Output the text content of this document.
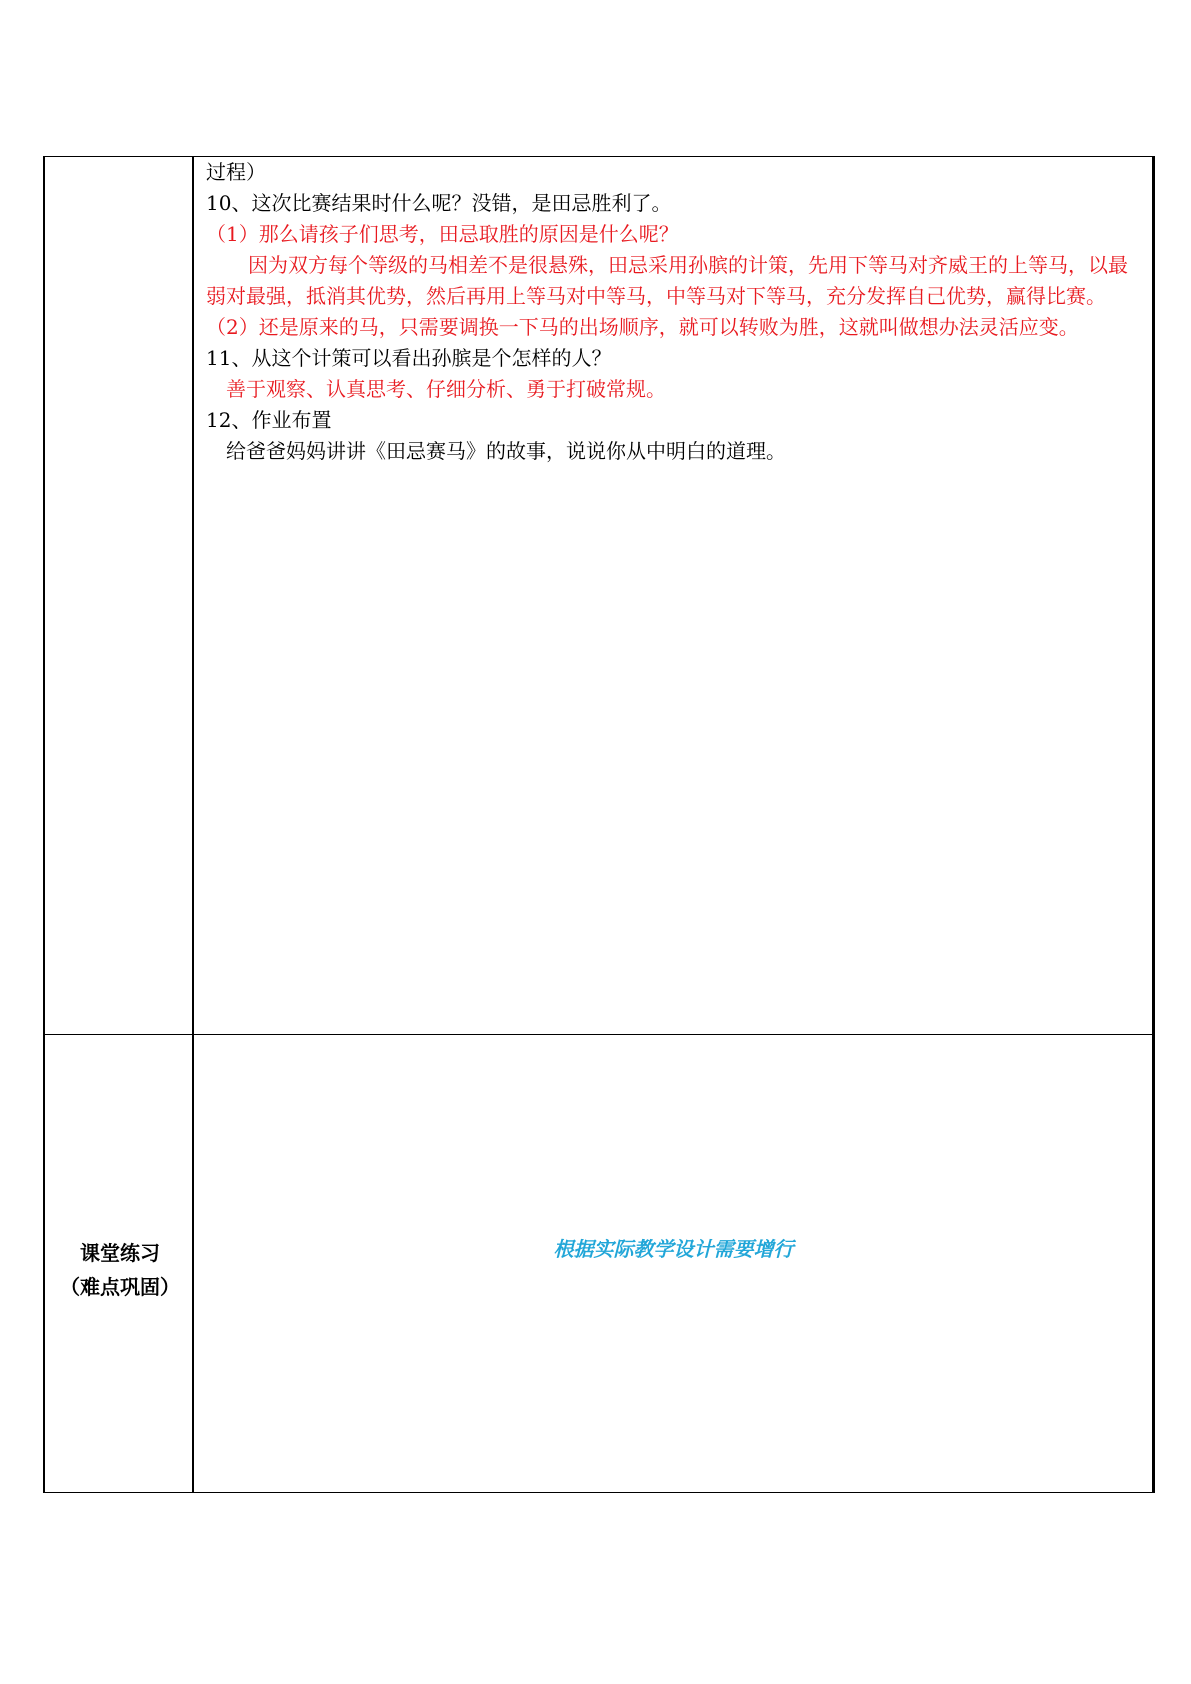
过程）

10、这次比赛结果时什么呢？没错，是田忌胜利了。

（1）那么请孩子们思考，田忌取胜的原因是什么呢？

因为双方每个等级的马相差不是很悬殊，田忌采用孙膑的计策，先用下等马对齐威王的上等马，以最弱对最强，抵消其优势，然后再用上等马对中等马，中等马对下等马，充分发挥自己优势，赢得比赛。

（2）还是原来的马，只需要调换一下马的出场顺序，就可以转败为胜，这就叫做想办法灵活应变。

11、从这个计策可以看出孙膑是个怎样的人？

善于观察、认真思考、仔细分析、勇于打破常规。

12、作业布置

给爸爸妈妈讲讲《田忌赛马》的故事，说说你从中明白的道理。

课堂练习
（难点巩固）
根据实际教学设计需要增行
